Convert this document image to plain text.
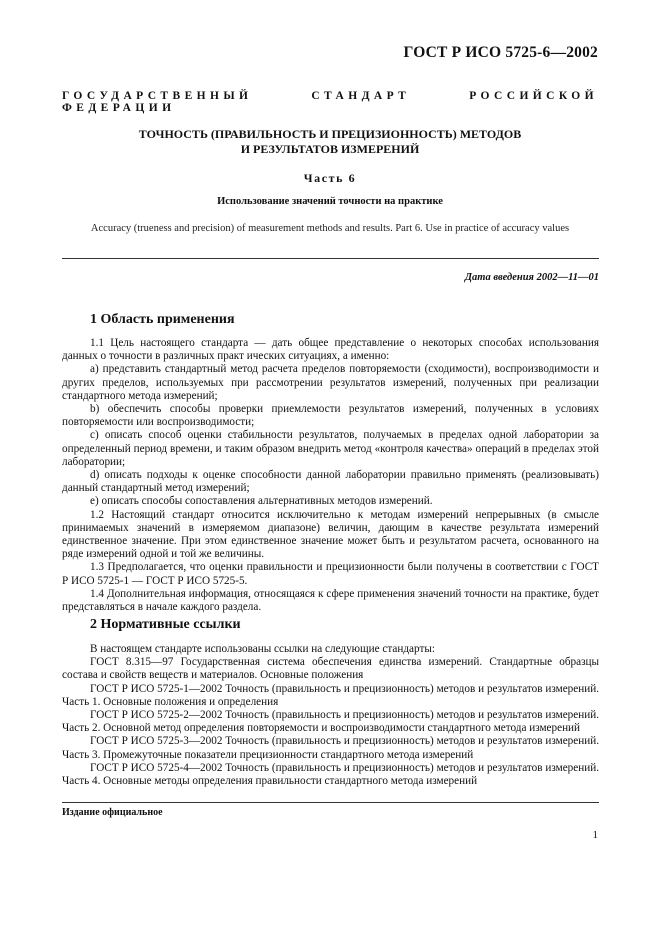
ГОСТ Р ИСО 5725-6—2002
ГОСУДАРСТВЕННЫЙ СТАНДАРТ РОССИЙСКОЙ ФЕДЕРАЦИИ
ТОЧНОСТЬ (ПРАВИЛЬНОСТЬ И ПРЕЦИЗИОННОСТЬ) МЕТОДОВ
И РЕЗУЛЬТАТОВ ИЗМЕРЕНИЙ
Часть 6
Использование значений точности на практике
Accuracy (trueness and precision) of measurement methods and results. Part 6. Use in practice of accuracy values
Дата введения 2002—11—01
1 Область применения

1.1 Цель настоящего стандарта — дать общее представление о некоторых способах использования данных о точности в различных практ ических ситуациях, а именно:

а) представить стандартный метод расчета пределов повторяемости (сходимости), воспроизводимости и других пределов, используемых при рассмотрении результатов измерений, полученных при реализации стандартного метода измерений;

b) обеспечить способы проверки приемлемости результатов измерений, полученных в условиях повторяемости или воспроизводимости;

с) описать способ оценки стабильности результатов, получаемых в пределах одной лаборатории за определенный период времени, и таким образом внедрить метод «контроля качества» операций в пределах этой лаборатории;

d) описать подходы к оценке способности данной лаборатории правильно применять (реализовывать) данный стандартный метод измерений;

е) описать способы сопоставления альтернативных методов измерений.

1.2 Настоящий стандарт относится исключительно к методам измерений непрерывных (в смысле принимаемых значений в измеряемом диапазоне) величин, дающим в качестве результата измерений единственное значение. При этом единственное значение может быть и результатом расчета, основанного на ряде измерений одной и той же величины.

1.3 Предполагается, что оценки правильности и прецизионности были получены в соответствии с ГОСТ Р ИСО 5725-1 — ГОСТ Р ИСО 5725-5.

1.4 Дополнительная информация, относящаяся к сфере применения значений точности на практике, будет представляться в начале каждого раздела.

2 Нормативные ссылки

В настоящем стандарте использованы ссылки на следующие стандарты:

ГОСТ 8.315—97 Государственная система обеспечения единства измерений. Стандартные образцы состава и свойств веществ и материалов. Основные положения

ГОСТ Р ИСО 5725-1—2002 Точность (правильность и прецизионность) методов и результатов измерений. Часть 1. Основные положения и определения

ГОСТ Р ИСО 5725-2—2002 Точность (правильность и прецизионность) методов и результатов измерений. Часть 2. Основной метод определения повторяемости и воспроизводимости стандартного метода измерений

ГОСТ Р ИСО 5725-3—2002 Точность (правильность и прецизионность) методов и результатов измерений. Часть 3. Промежуточные показатели прецизионности стандартного метода измерений

ГОСТ Р ИСО 5725-4—2002 Точность (правильность и прецизионность) методов и результатов измерений. Часть 4. Основные методы определения правильности стандартного метода измерений

Издание официальное
1
